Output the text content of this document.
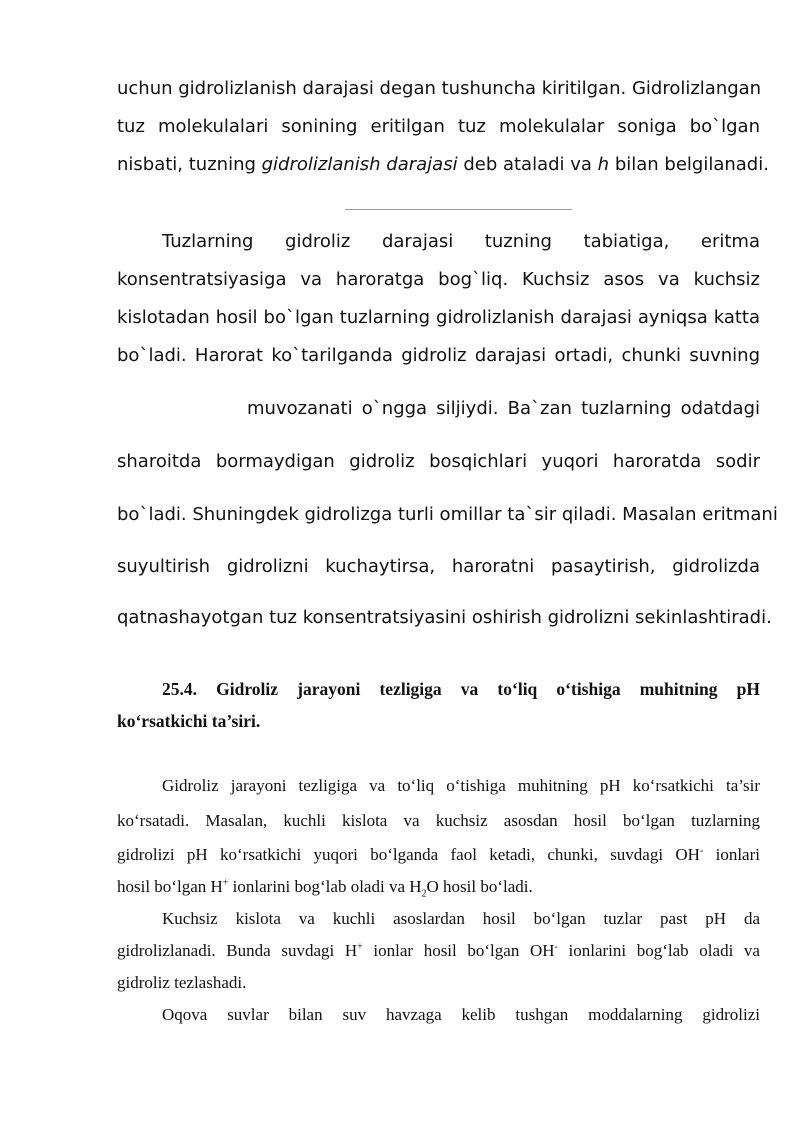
uchun gidrolizlanish darajasi degan tushuncha kiritilgan. Gidrolizlangan
tuz molekulalari sonining eritilgan tuz molekulalar soniga bo`lgan
nisbati, tuzning gidrolizlanish darajasi deb ataladi va h bilan belgilanadi.
Tuzlarning gidroliz darajasi tuzning tabiatiga, eritma
konsentratsiyasiga va haroratga bog`liq. Kuchsiz asos va kuchsiz
kislotadan hosil bo`lgan tuzlarning gidrolizlanish darajasi ayniqsa katta
bo`ladi. Harorat ko`tarilganda gidroliz darajasi ortadi, chunki suvning
muvozanati o`ngga siljiydi. Ba`zan tuzlarning odatdagi
sharoitda bormaydigan gidroliz bosqichlari yuqori haroratda sodir
bo`ladi. Shuningdek gidrolizga turli omillar ta`sir qiladi. Masalan eritmani
suyultirish gidrolizni kuchaytirsa, haroratni pasaytirish, gidrolizda
qatnashayotgan tuz konsentratsiyasini oshirish gidrolizni sekinlashtiradi.
25.4. Gidroliz jarayoni tezligiga va to‘liq o‘tishiga muhitning pH
ko‘rsatkichi ta’siri.
Gidroliz jarayoni tezligiga va to‘liq o‘tishiga muhitning pH ko‘rsatkichi ta’sir
ko‘rsatadi. Masalan, kuchli kislota va kuchsiz asosdan hosil bo‘lgan tuzlarning
gidrolizi pH ko‘rsatkichi yuqori bo‘lganda faol ketadi, chunki, suvdagi OH- ionlari
hosil bo‘lgan H+ ionlarini bog‘lab oladi va $H_2O$ hosil bo‘ladi.
Kuchsiz kislota va kuchli asoslardan hosil bo‘lgan tuzlar past pH da
gidrolizlanadi. Bunda suvdagi H+ ionlar hosil bo‘lgan OH- ionlarini bog‘lab oladi va
gidroliz tezlashadi.
Oqova suvlar bilan suv havzaga kelib tushgan moddalarning gidrolizi
